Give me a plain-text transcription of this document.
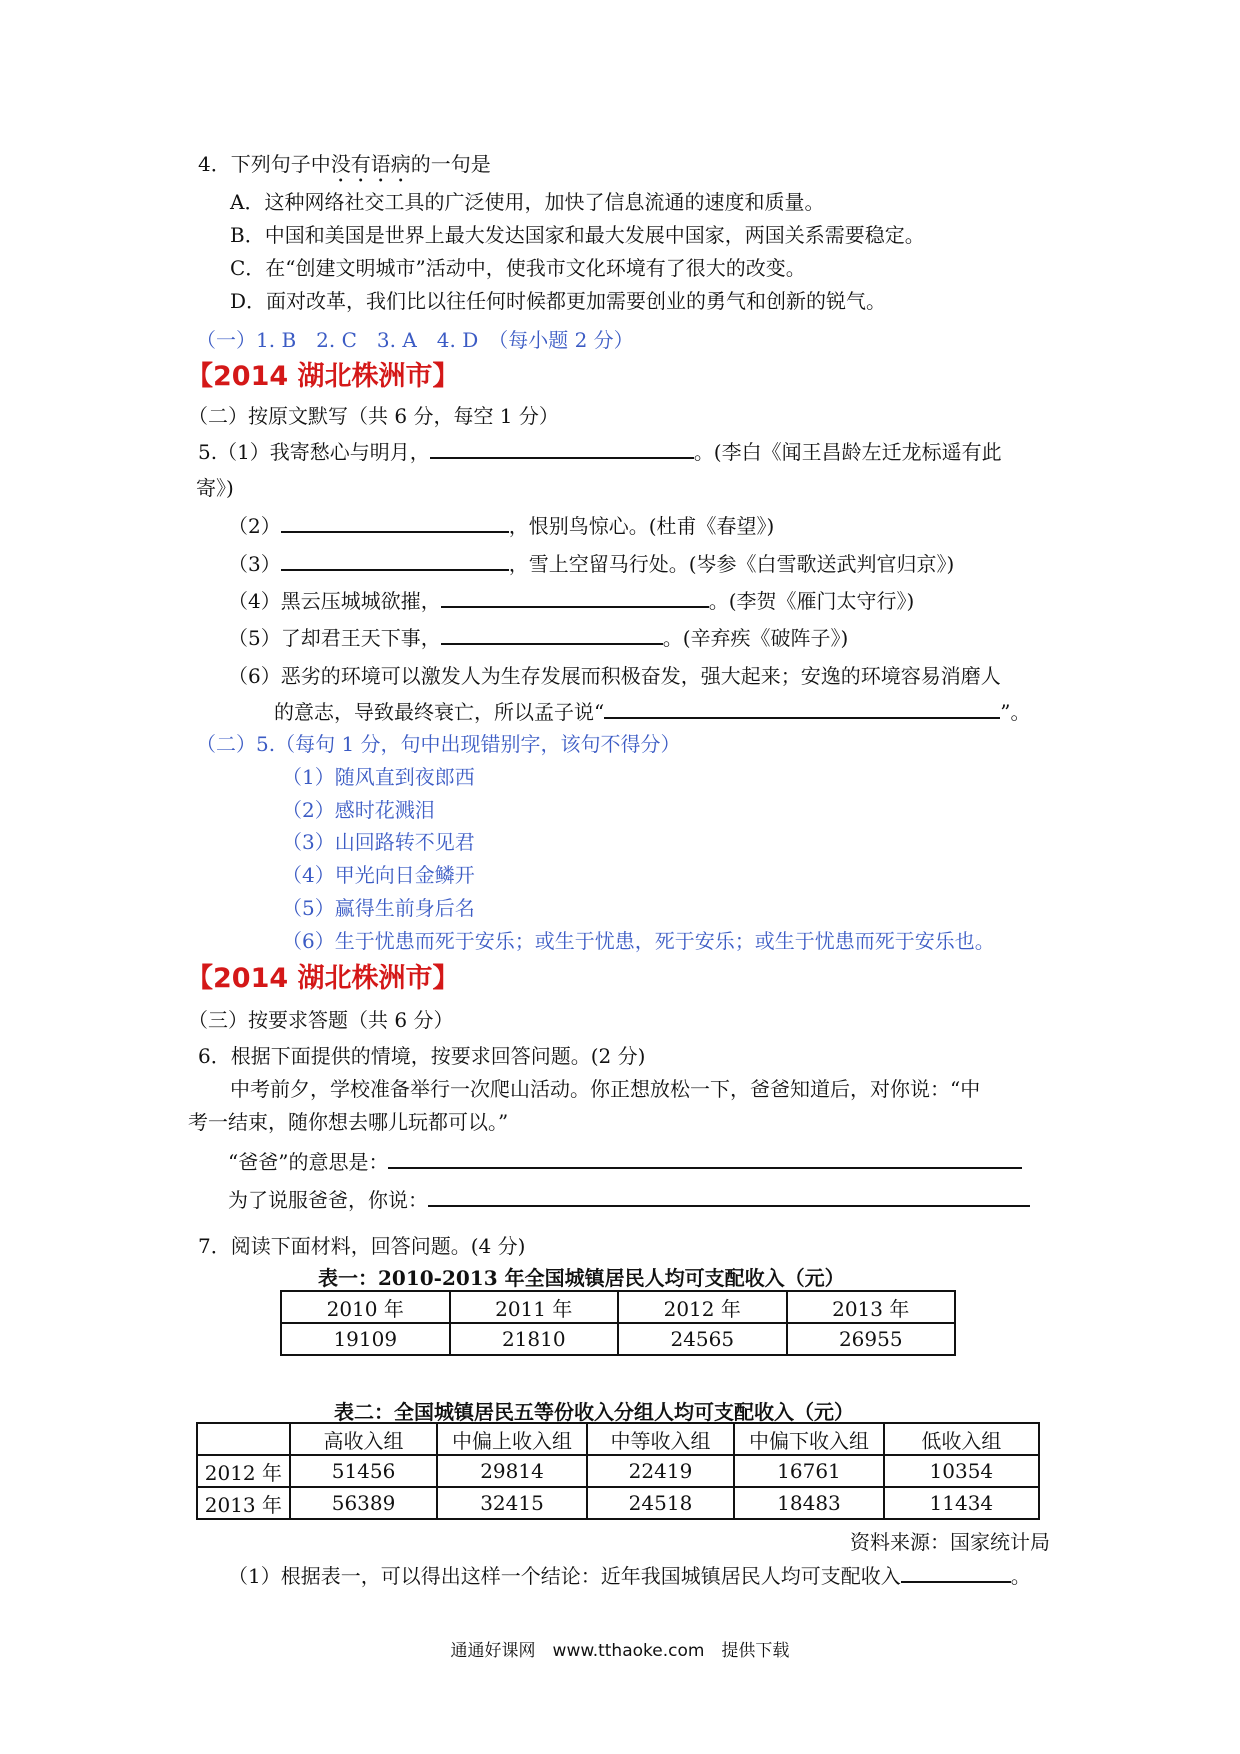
4．下列句子中没有语病的一句是
A．这种网络社交工具的广泛使用，加快了信息流通的速度和质量。
B．中国和美国是世界上最大发达国家和最大发展中国家，两国关系需要稳定。
C．在“创建文明城市”活动中，使我市文化环境有了很大的改变。
D．面对改革，我们比以往任何时候都更加需要创业的勇气和创新的锐气。
（一）1. B　2. C　3. A　4. D　（每小题 2 分）
【2014 湖北株洲市】
（二）按原文默写（共 6 分，每空 1 分）
5.（1）我寄愁心与明月，	。(李白《闻王昌龄左迁龙标遥有此
寄》)
（2）	，恨别鸟惊心。(杜甫《春望》)
（3）	，雪上空留马行处。(岑参《白雪歌送武判官归京》)
（4）黑云压城城欲摧，	。(李贺《雁门太守行》)
（5）了却君王天下事，	。(辛弃疾《破阵子》)
（6）恶劣的环境可以激发人为生存发展而积极奋发，强大起来；安逸的环境容易消磨人
的意志，导致最终衰亡，所以孟子说“	”。
（二）5.（每句 1 分，句中出现错别字，该句不得分）
（1）随风直到夜郎西
（2）感时花溅泪
（3）山回路转不见君
（4）甲光向日金鳞开
（5）赢得生前身后名
（6）生于忧患而死于安乐；或生于忧患，死于安乐；或生于忧患而死于安乐也。
【2014 湖北株洲市】
（三）按要求答题（共 6 分）
6．根据下面提供的情境，按要求回答问题。(2 分)
中考前夕，学校准备举行一次爬山活动。你正想放松一下，爸爸知道后，对你说：“中
考一结束，随你想去哪儿玩都可以。”
“爸爸”的意思是：
为了说服爸爸，你说：
7．阅读下面材料，回答问题。(4 分)
表一：2010-2013 年全国城镇居民人均可支配收入（元）
2010 年	2011 年	2012 年	2013 年
19109	21810	24565	26955
表二：全国城镇居民五等份收入分组人均可支配收入（元）
	高收入组	中偏上收入组	中等收入组	中偏下收入组	低收入组
2012 年	51456	29814	22419	16761	10354
2013 年	56389	32415	24518	18483	11434
资料来源：国家统计局
（1）根据表一，可以得出这样一个结论：近年我国城镇居民人均可支配收入	。
通通好课网　www.tthaoke.com　提供下载
